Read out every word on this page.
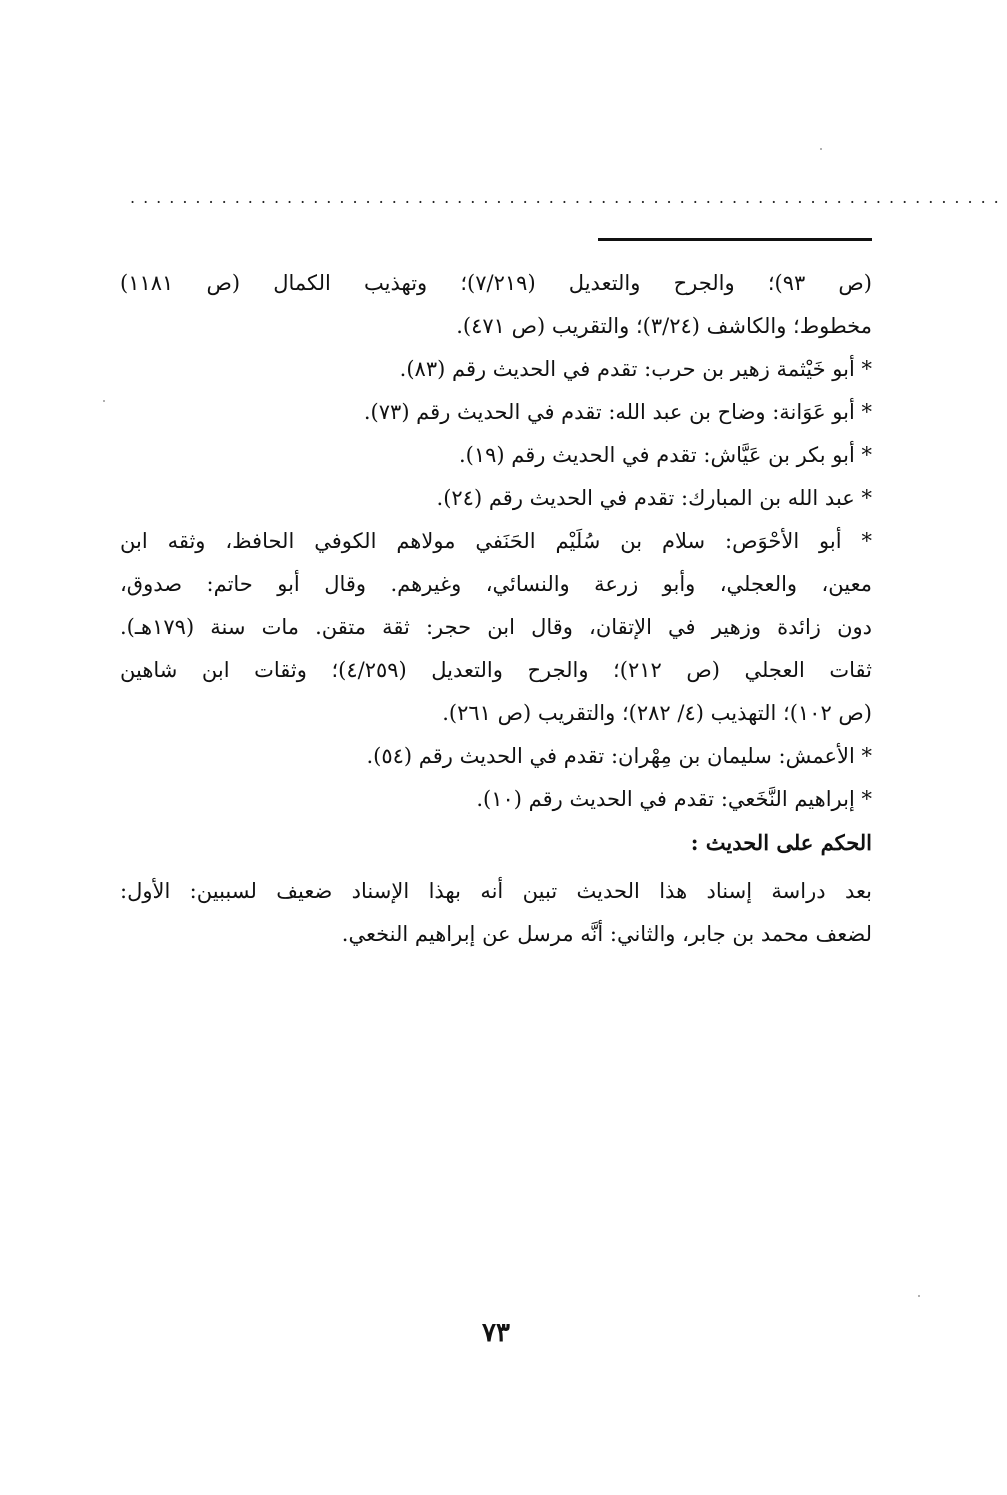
...................................................................
(ص ٩٣)؛ والجرح والتعديل (٧/٢١٩)؛ وتهذيب الكمال (ص ١١٨١)
مخطوط؛ والكاشف (٣/٢٤)؛ والتقريب (ص ٤٧١).
* أبو خَيْثمة زهير بن حرب: تقدم في الحديث رقم (٨٣).
* أبو عَوَانة: وضاح بن عبد الله: تقدم في الحديث رقم (٧٣).
* أبو بكر بن عَيَّاش: تقدم في الحديث رقم (١٩).
* عبد الله بن المبارك: تقدم في الحديث رقم (٢٤).
* أبو الأحْوَص: سلام بن سُلَيْم الحَنَفي مولاهم الكوفي الحافظ، وثقه ابن
معين، والعجلي، وأبو زرعة والنسائي، وغيرهم. وقال أبو حاتم: صدوق،
دون زائدة وزهير في الإتقان، وقال ابن حجر: ثقة متقن. مات سنة (١٧٩هـ).
ثقات العجلي (ص ٢١٢)؛ والجرح والتعديل (٤/٢٥٩)؛ وثقات ابن شاهين
(ص ١٠٢)؛ التهذيب (٤/ ٢٨٢)؛ والتقريب (ص ٢٦١).
* الأعمش: سليمان بن مِهْران: تقدم في الحديث رقم (٥٤).
* إبراهيم النَّخَعي: تقدم في الحديث رقم (١٠).
الحكم على الحديث :
بعد دراسة إسناد هذا الحديث تبين أنه بهذا الإسناد ضعيف لسببين: الأول:
لضعف محمد بن جابر، والثاني: أنَّه مرسل عن إبراهيم النخعي.
٧٣
